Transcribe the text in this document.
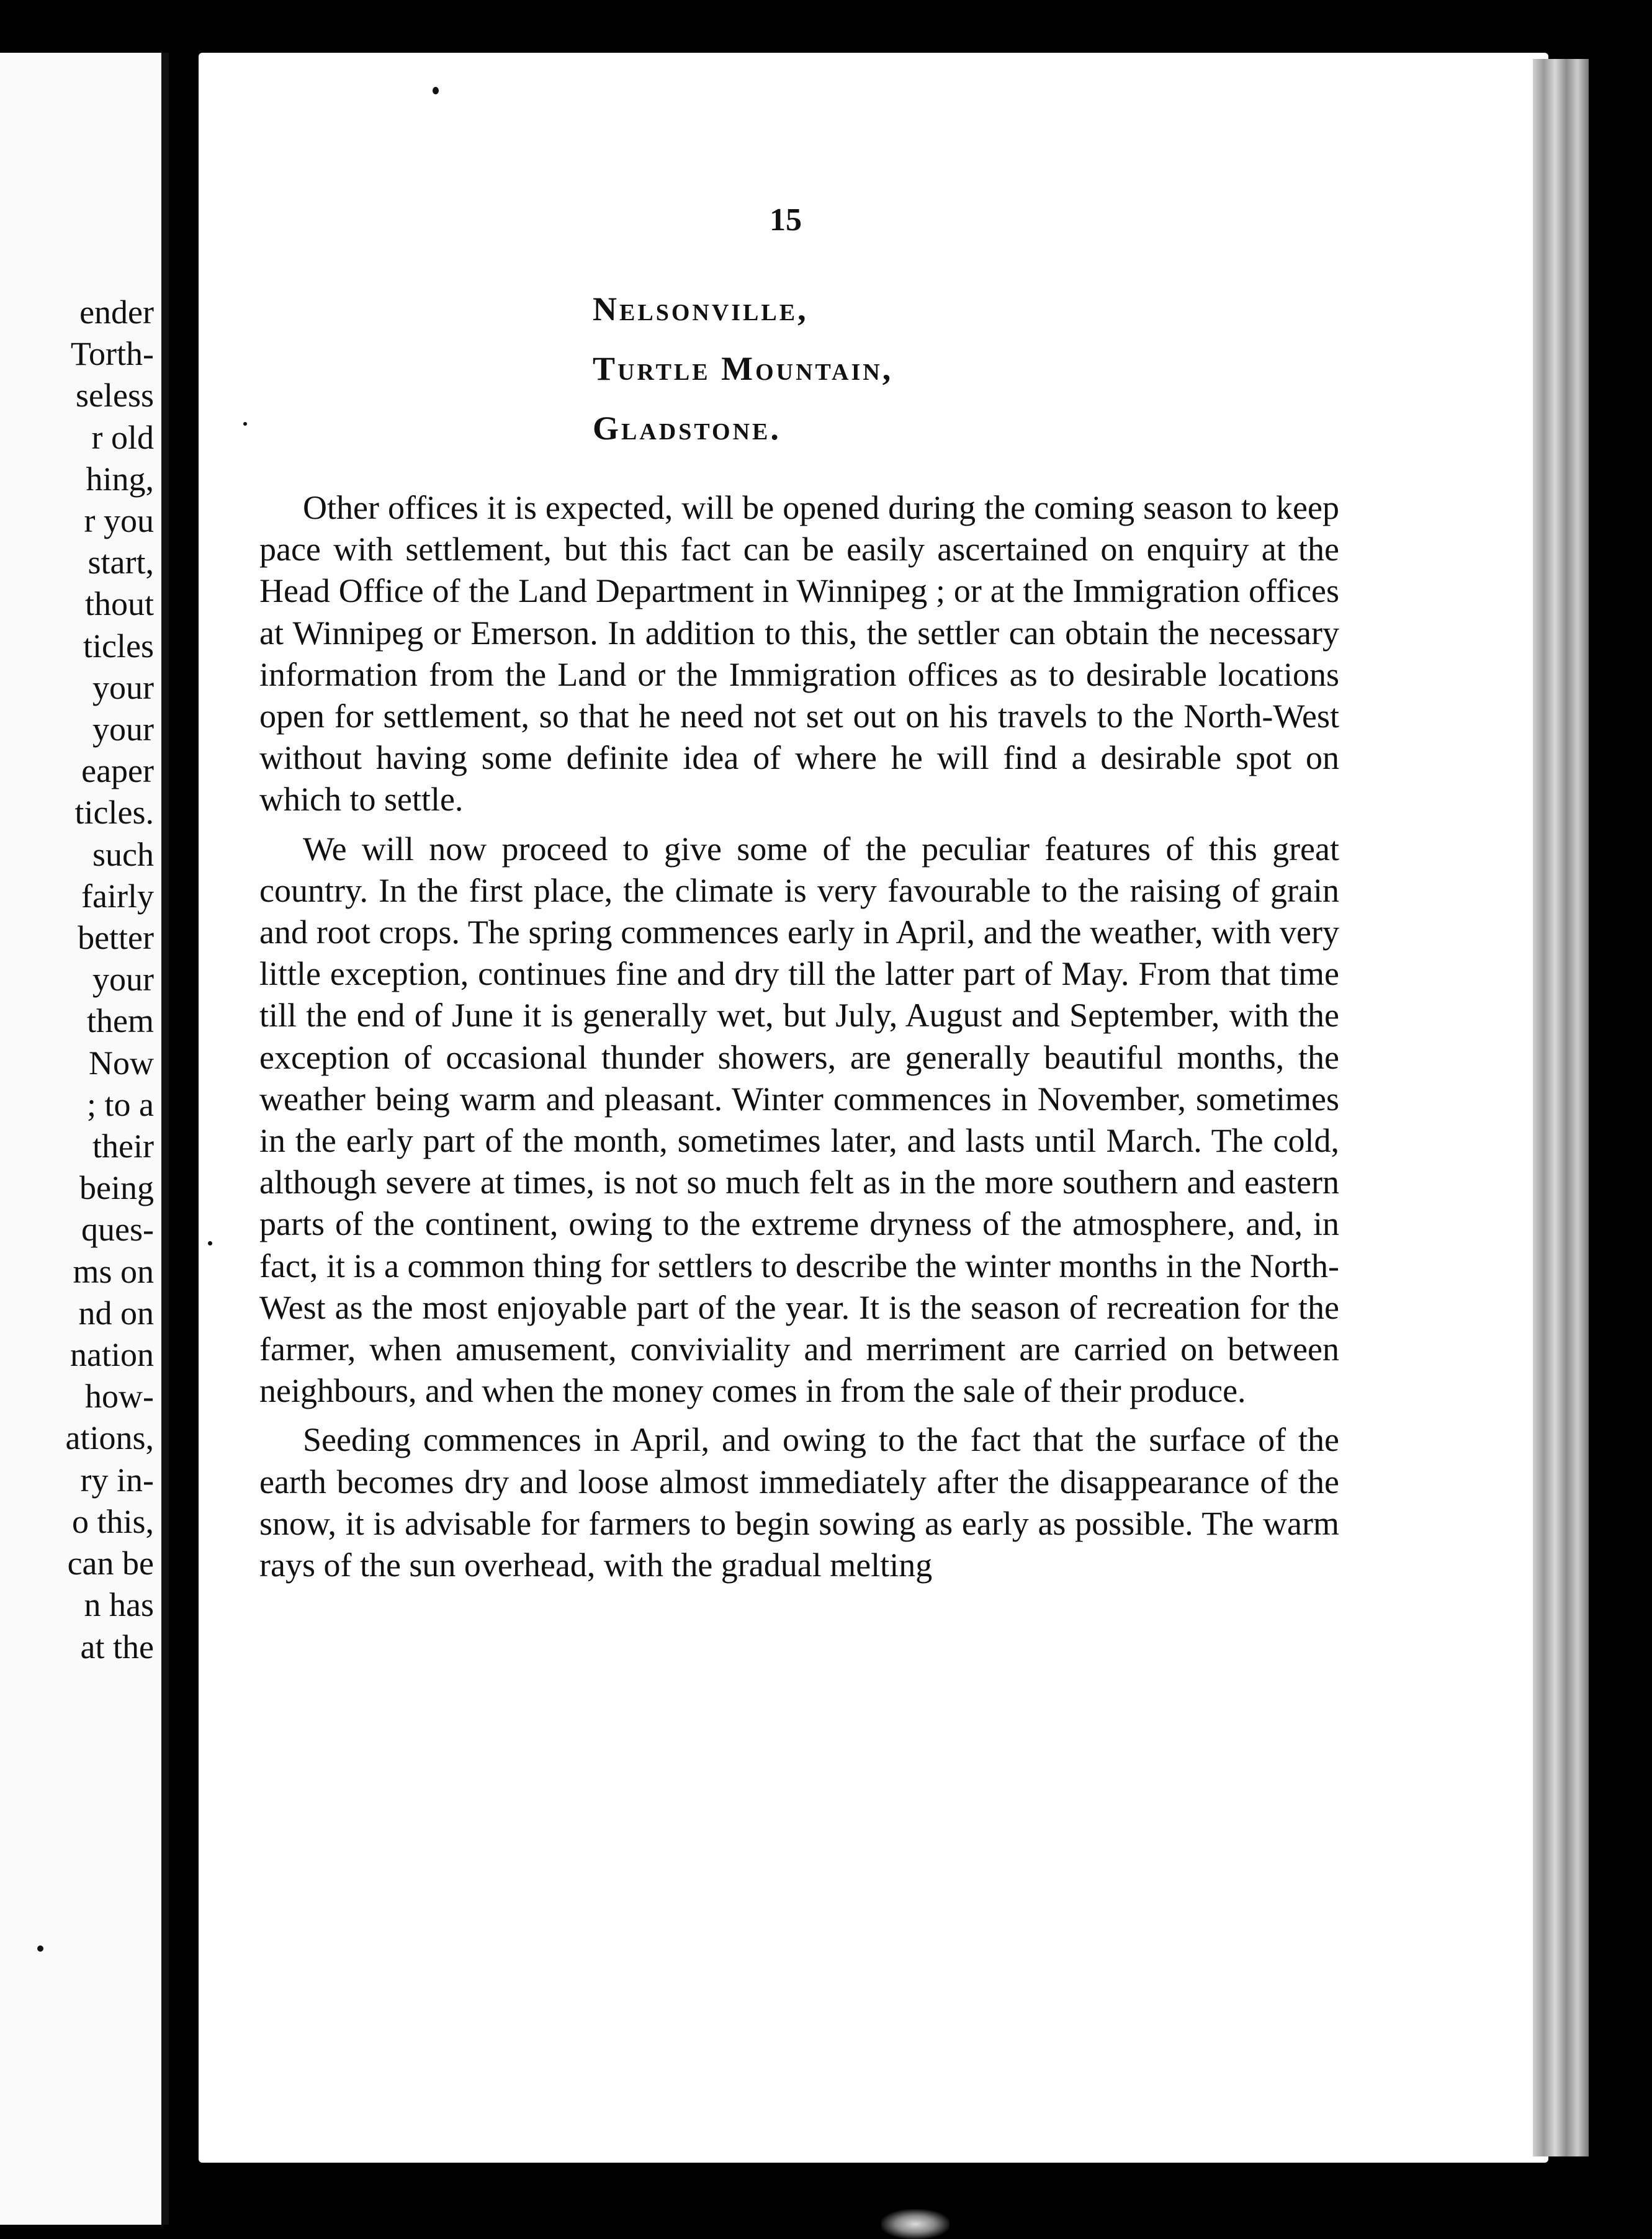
ender
Torth-
seless
r old
hing,
r you
start,
thout
ticles
your
your
eaper
ticles.
such
fairly
better
your
them
Now
; to a
their
being
ques-
ms on
nd on
nation
how-
ations,
ry in-
o this,
can be
n has
at the
15
Nelsonville,
Turtle Mountain,
Gladstone.

Other offices it is expected, will be opened during the coming season to keep pace with settlement, but this fact can be easily ascertained on enquiry at the Head Office of the Land Department in Winnipeg ; or at the Immigration offices at Winnipeg or Emerson. In addition to this, the settler can obtain the necessary information from the Land or the Immigration offices as to desirable locations open for settlement, so that he need not set out on his travels to the North-West without having some definite idea of where he will find a desirable spot on which to settle.

We will now proceed to give some of the peculiar features of this great country. In the first place, the climate is very favourable to the raising of grain and root crops. The spring commences early in April, and the weather, with very little exception, continues fine and dry till the latter part of May. From that time till the end of June it is generally wet, but July, August and September, with the exception of occasional thunder showers, are generally beautiful months, the weather being warm and pleasant. Winter commences in November, sometimes in the early part of the month, sometimes later, and lasts until March. The cold, although severe at times, is not so much felt as in the more southern and eastern parts of the continent, owing to the extreme dryness of the atmosphere, and, in fact, it is a common thing for settlers to describe the winter months in the North-West as the most enjoyable part of the year. It is the season of recreation for the farmer, when amusement, conviviality and merriment are carried on between neighbours, and when the money comes in from the sale of their produce.

Seeding commences in April, and owing to the fact that the surface of the earth becomes dry and loose almost immediately after the disappearance of the snow, it is advisable for farmers to begin sowing as early as possible. The warm rays of the sun overhead, with the gradual melting
